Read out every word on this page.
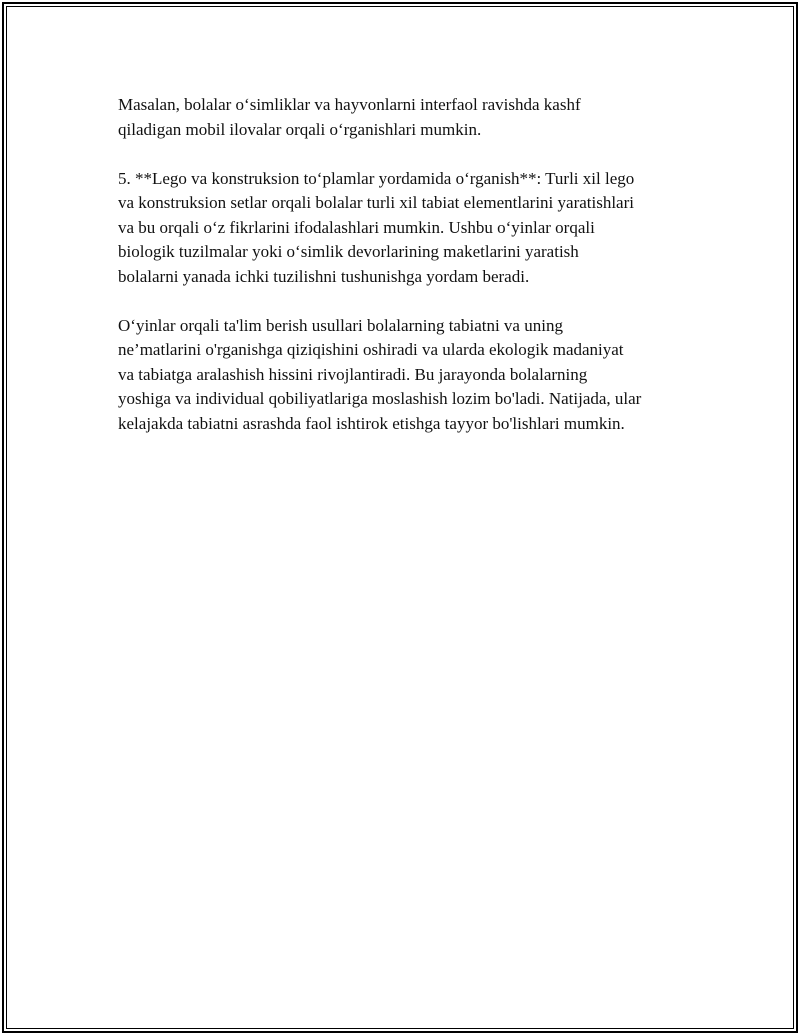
Masalan, bolalar o‘simliklar va hayvonlarni interfaol ravishda kashf
qiladigan mobil ilovalar orqali o‘rganishlari mumkin.

5. **Lego va konstruksion to‘plamlar yordamida o‘rganish**: Turli xil lego
va konstruksion setlar orqali bolalar turli xil tabiat elementlarini yaratishlari
va bu orqali o‘z fikrlarini ifodalashlari mumkin. Ushbu o‘yinlar orqali
biologik tuzilmalar yoki o‘simlik devorlarining maketlarini yaratish
bolalarni yanada ichki tuzilishni tushunishga yordam beradi.

O‘yinlar orqali ta'lim berish usullari bolalarning tabiatni va uning
ne’matlarini o'rganishga qiziqishini oshiradi va ularda ekologik madaniyat
va tabiatga aralashish hissini rivojlantiradi. Bu jarayonda bolalarning
yoshiga va individual qobiliyatlariga moslashish lozim bo'ladi. Natijada, ular
kelajakda tabiatni asrashda faol ishtirok etishga tayyor bo'lishlari mumkin.
